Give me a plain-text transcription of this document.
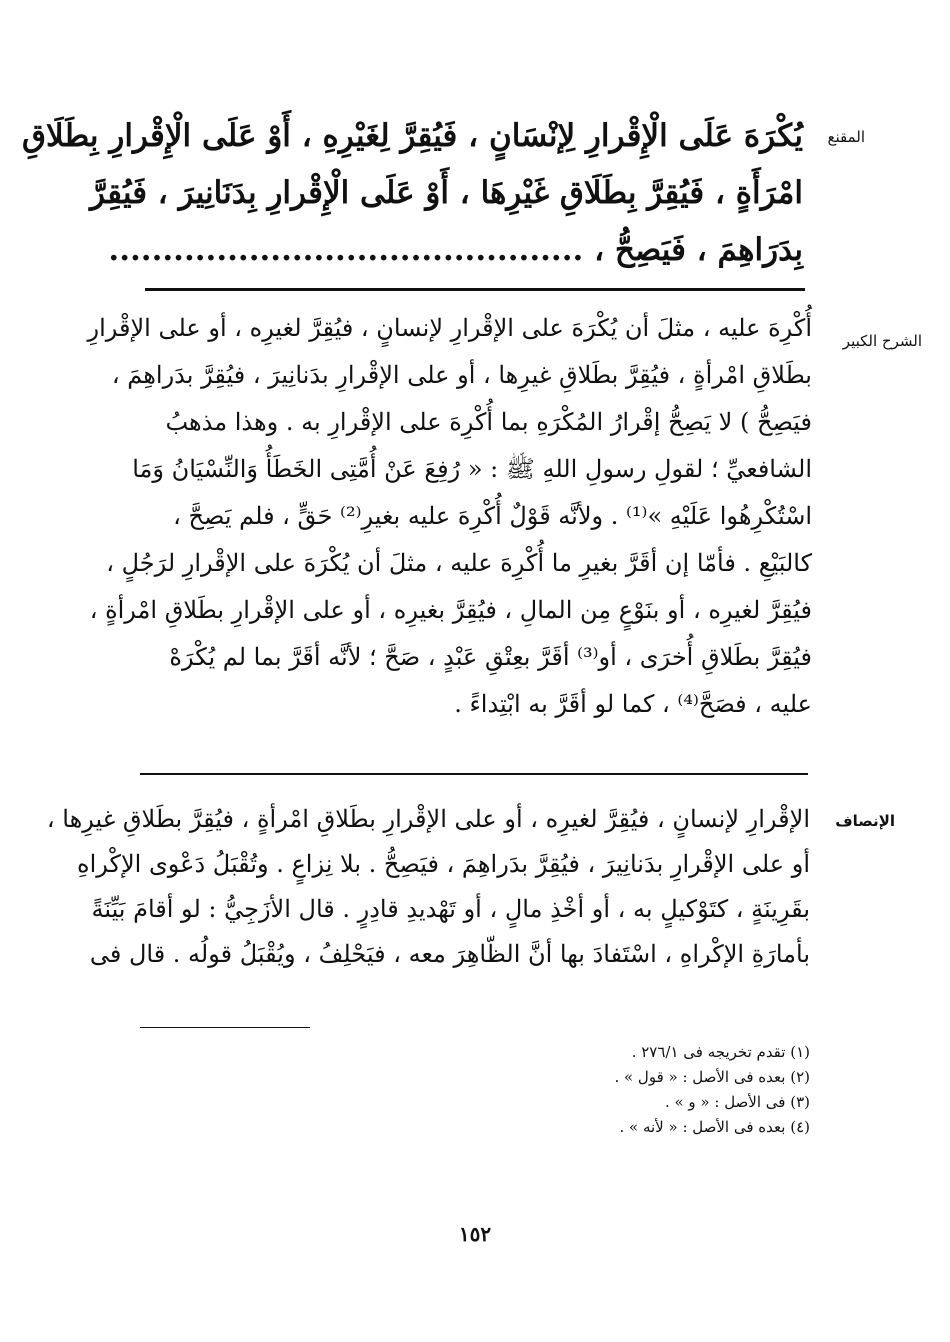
المقنع
يُكْرَهَ عَلَى الْإِقْرارِ لِإنْسَانٍ ، فَيُقِرَّ لِغَيْرِهِ ، أَوْ عَلَى الْإِقْرارِ بِطَلَاقِ
امْرَأَةٍ ، فَيُقِرَّ بِطَلَاقِ غَيْرِهَا ، أَوْ عَلَى الْإِقْرارِ بِدَنَانِيرَ ، فَيُقِرَّ
بِدَرَاهِمَ ، فَيَصِحُّ ، ............................................
الشرح الكبير
أُكْرِهَ عليه ، مثلَ أن يُكْرَهَ على الإقْرارِ لإنسانٍ ، فيُقِرَّ لغيرِه ، أو على الإقْرارِ
بطَلاقِ امْرأةٍ ، فيُقِرَّ بطَلاقِ غيرِها ، أو على الإقْرارِ بدَنانِيرَ ، فيُقِرَّ بدَراهِمَ ،
فيَصِحُّ ) لا يَصِحُّ إقْرارُ المُكْرَهِ بما أُكْرِهَ على الإقْرارِ به . وهذا مذهبُ
الشافعيِّ ؛ لقولِ رسولِ اللهِ ﷺ : « رُفِعَ عَنْ أُمَّتِى الخَطَأُ وَالنِّسْيَانُ وَمَا
اسْتُكْرِهُوا عَلَيْهِ »⁽¹⁾ . ولأنَّه قَوْلٌ أُكْرِهَ عليه بغيرِ⁽²⁾ حَقٍّ ، فلم يَصِحَّ ،
كالبَيْعِ . فأمّا إن أقَرَّ بغيرِ ما أُكْرِهَ عليه ، مثلَ أن يُكْرَهَ على الإقْرارِ لرَجُلٍ ،
فيُقِرَّ لغيرِه ، أو بنَوْعٍ مِن المالِ ، فيُقِرَّ بغيرِه ، أو على الإقْرارِ بطَلاقِ امْرأةٍ ،
فيُقِرَّ بطَلاقِ أُخرَى ، أو⁽³⁾ أقَرَّ بعِتْقِ عَبْدٍ ، صَحَّ ؛ لأنَّه أقَرَّ بما لم يُكْرَهْ
عليه ، فصَحَّ⁽⁴⁾ ، كما لو أقَرَّ به ابْتِداءً .
الإنصاف
الإقْرارِ لإنسانٍ ، فيُقِرَّ لغيرِه ، أو على الإقْرارِ بطَلاقِ امْرأةٍ ، فيُقِرَّ بطَلاقِ غيرِها ،
أو على الإقْرارِ بدَنانِيرَ ، فيُقِرَّ بدَراهِمَ ، فيَصِحُّ . بلا نِزاعٍ . وتُقْبَلُ دَعْوى الإكْراهِ
بقَرِينَةٍ ، كتَوْكيلٍ به ، أو أخْذِ مالٍ ، أو تَهْديدِ قادِرٍ . قال الأزَجِيُّ : لو أقامَ بَيِّنَةً
بأمارَةِ الإكْراهِ ، اسْتَفادَ بها أنَّ الظّاهِرَ معه ، فيَحْلِفُ ، ويُقْبَلُ قولُه . قال فى
(١) تقدم تخريجه فى ٢٧٦/١ .
(٢) بعده فى الأصل : « قول » .
(٣) فى الأصل : « و » .
(٤) بعده فى الأصل : « لأنه » .
١٥٢
